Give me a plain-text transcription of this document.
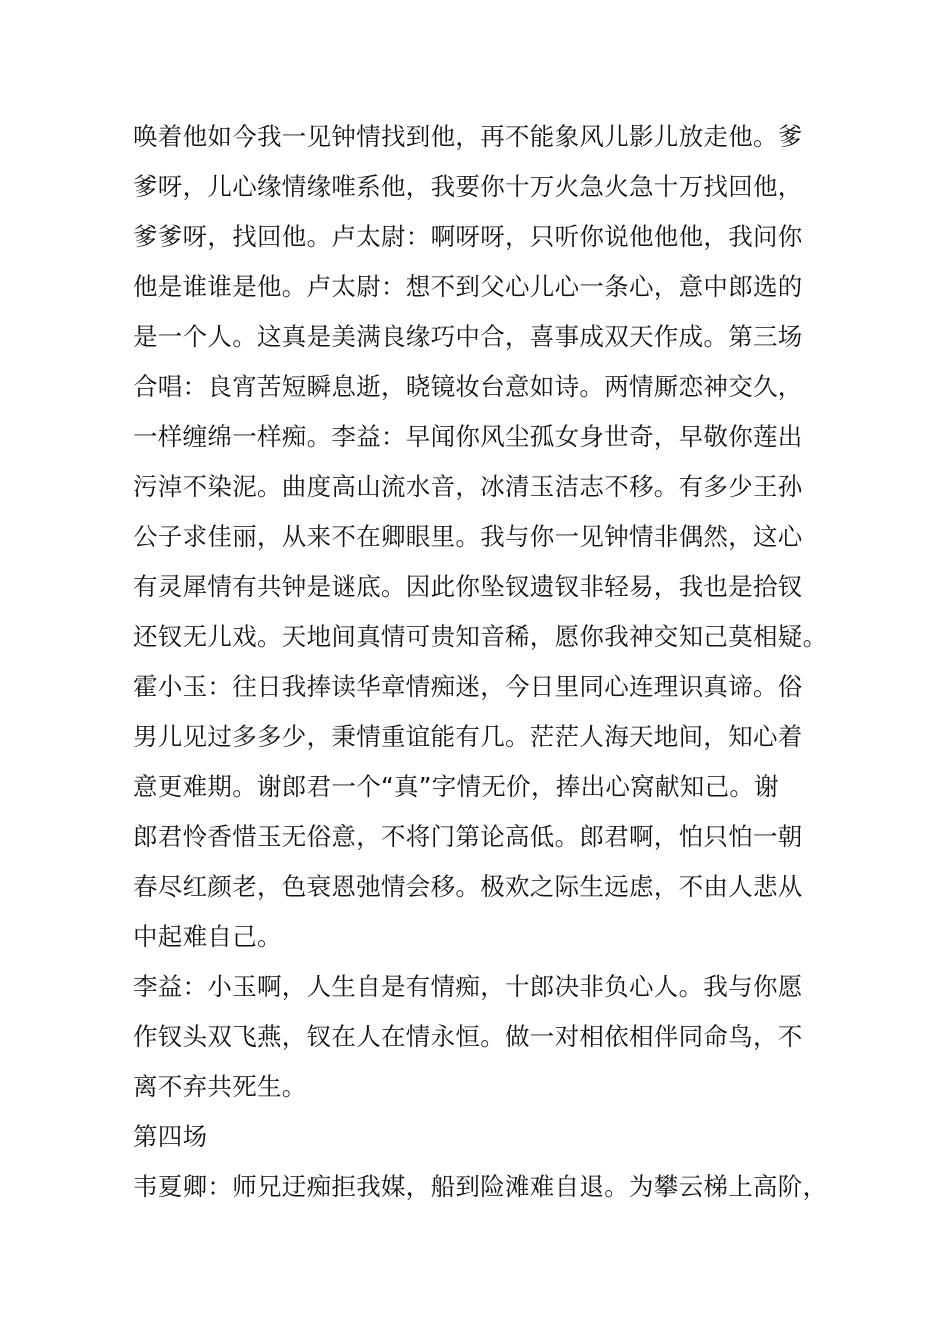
唤着他如今我一见钟情找到他，再不能象风儿影儿放走他。爹
爹呀，儿心缘情缘唯系他，我要你十万火急火急十万找回他，
爹爹呀，找回他。卢太尉：啊呀呀，只听你说他他他，我问你
他是谁谁是他。卢太尉：想不到父心儿心一条心，意中郎选的
是一个人。这真是美满良缘巧中合，喜事成双天作成。第三场
合唱：良宵苦短瞬息逝，晓镜妆台意如诗。两情厮恋神交久，
一样缠绵一样痴。李益：早闻你风尘孤女身世奇，早敬你莲出
污淖不染泥。曲度高山流水音，冰清玉洁志不移。有多少王孙
公子求佳丽，从来不在卿眼里。我与你一见钟情非偶然，这心
有灵犀情有共钟是谜底。因此你坠钗遗钗非轻易，我也是拾钗
还钗无儿戏。天地间真情可贵知音稀，愿你我神交知己莫相疑。
霍小玉：往日我捧读华章情痴迷，今日里同心连理识真谛。俗
男儿见过多多少，秉情重谊能有几。茫茫人海天地间，知心着
意更难期。谢郎君一个“真”字情无价，捧出心窝献知己。谢
郎君怜香惜玉无俗意，不将门第论高低。郎君啊，怕只怕一朝
春尽红颜老，色衰恩弛情会移。极欢之际生远虑，不由人悲从
中起难自己。
李益：小玉啊，人生自是有情痴，十郎决非负心人。我与你愿
作钗头双飞燕，钗在人在情永恒。做一对相依相伴同命鸟，不
离不弃共死生。
第四场
韦夏卿：师兄迂痴拒我媒，船到险滩难自退。为攀云梯上高阶，
